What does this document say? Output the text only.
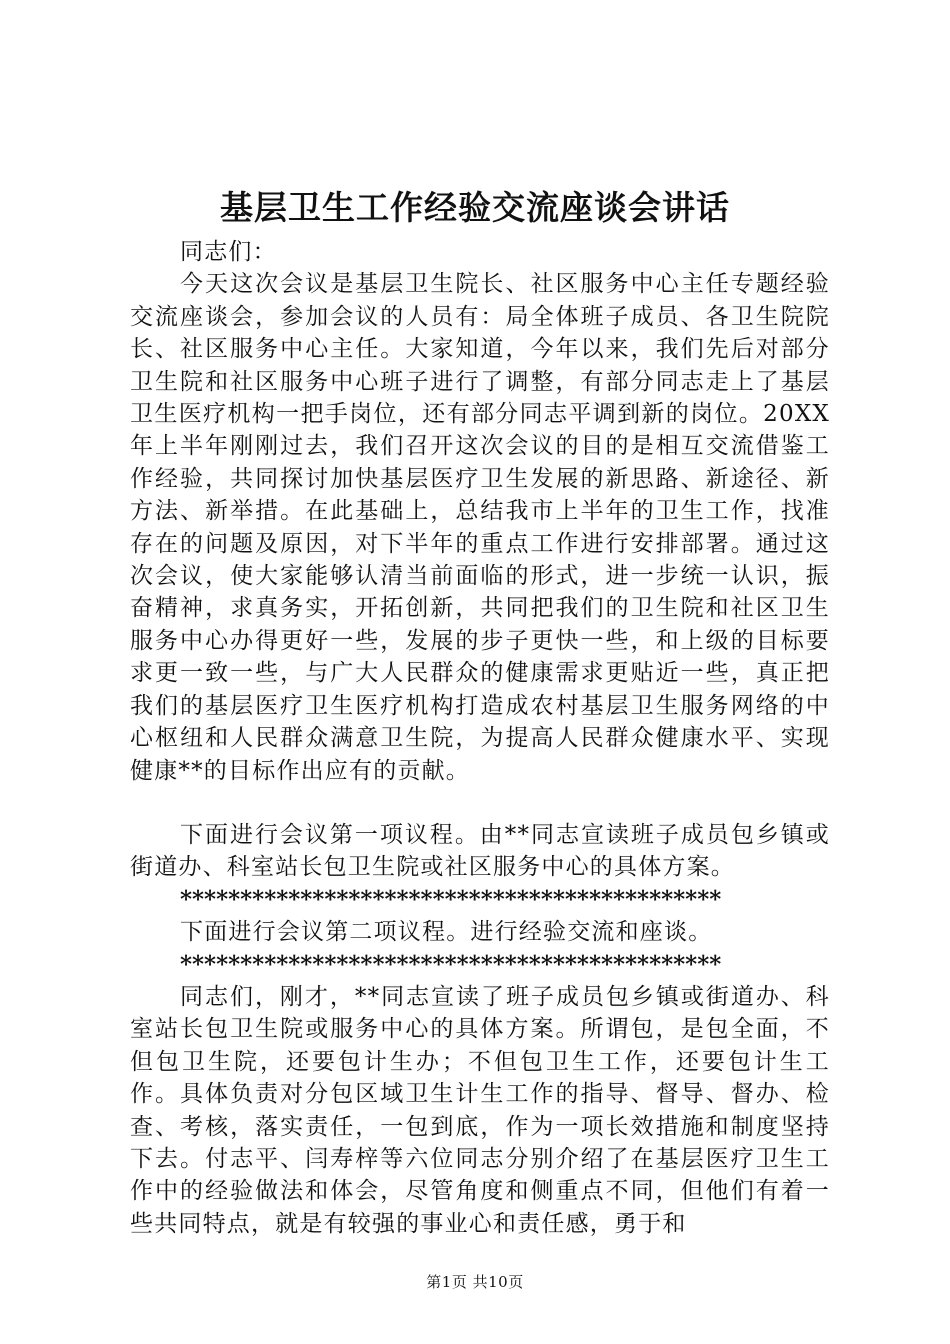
基层卫生工作经验交流座谈会讲话

同志们：

今天这次会议是基层卫生院长、社区服务中心主任专题经验交流座谈会，参加会议的人员有：局全体班子成员、各卫生院院长、社区服务中心主任。大家知道，今年以来，我们先后对部分卫生院和社区服务中心班子进行了调整，有部分同志走上了基层卫生医疗机构一把手岗位，还有部分同志平调到新的岗位。20XX年上半年刚刚过去，我们召开这次会议的目的是相互交流借鉴工作经验，共同探讨加快基层医疗卫生发展的新思路、新途径、新方法、新举措。在此基础上，总结我市上半年的卫生工作，找准存在的问题及原因，对下半年的重点工作进行安排部署。通过这次会议，使大家能够认清当前面临的形式，进一步统一认识，振奋精神，求真务实，开拓创新，共同把我们的卫生院和社区卫生服务中心办得更好一些，发展的步子更快一些，和上级的目标要求更一致一些，与广大人民群众的健康需求更贴近一些，真正把我们的基层医疗卫生医疗机构打造成农村基层卫生服务网络的中心枢纽和人民群众满意卫生院，为提高人民群众健康水平、实现健康**的目标作出应有的贡献。

下面进行会议第一项议程。由**同志宣读班子成员包乡镇或街道办、科室站长包卫生院或社区服务中心的具体方案。

*********************************************

下面进行会议第二项议程。进行经验交流和座谈。

*********************************************

同志们，刚才，**同志宣读了班子成员包乡镇或街道办、科室站长包卫生院或服务中心的具体方案。所谓包，是包全面，不但包卫生院，还要包计生办；不但包卫生工作，还要包计生工作。具体负责对分包区域卫生计生工作的指导、督导、督办、检查、考核，落实责任，一包到底，作为一项长效措施和制度坚持下去。付志平、闫寿梓等六位同志分别介绍了在基层医疗卫生工作中的经验做法和体会，尽管角度和侧重点不同，但他们有着一些共同特点，就是有较强的事业心和责任感，勇于和

第1页 共10页
